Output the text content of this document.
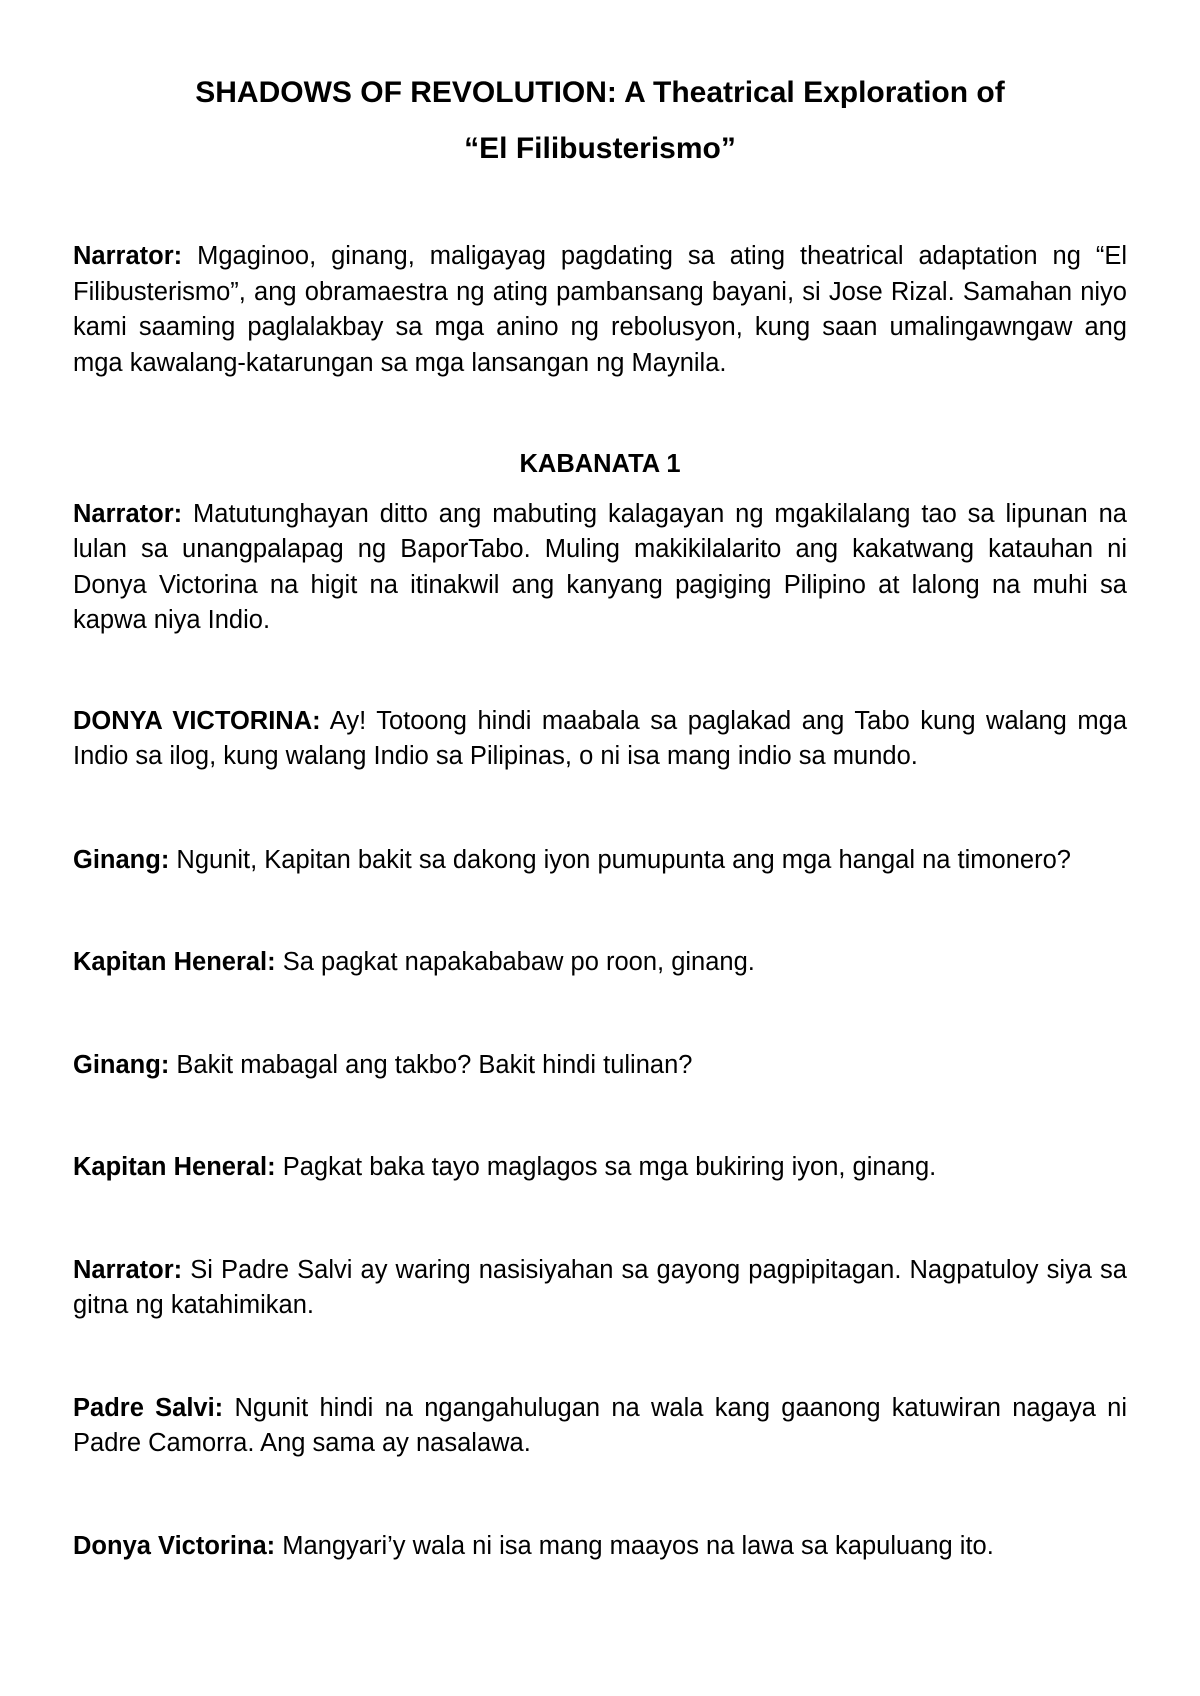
SHADOWS OF REVOLUTION: A Theatrical Exploration of
“El Filibusterismo”

Narrator: Mgaginoo, ginang, maligayag pagdating sa ating theatrical adaptation ng “El Filibusterismo”, ang obramaestra ng ating pambansang bayani, si Jose Rizal. Samahan niyo kami saaming paglalakbay sa mga anino ng rebolusyon, kung saan umalingawngaw ang mga kawalang-katarungan sa mga lansangan ng Maynila.

KABANATA 1

Narrator: Matutunghayan ditto ang mabuting kalagayan ng mgakilalang tao sa lipunan na lulan sa unangpalapag ng BaporTabo. Muling makikilalarito ang kakatwang katauhan ni Donya Victorina na higit na itinakwil ang kanyang pagiging Pilipino at lalong na muhi sa kapwa niya Indio.

DONYA VICTORINA: Ay! Totoong hindi maabala sa paglakad ang Tabo kung walang mga Indio sa ilog, kung walang Indio sa Pilipinas, o ni isa mang indio sa mundo.

Ginang: Ngunit, Kapitan bakit sa dakong iyon pumupunta ang mga hangal na timonero?

Kapitan Heneral: Sa pagkat napakababaw po roon, ginang.

Ginang: Bakit mabagal ang takbo? Bakit hindi tulinan?

Kapitan Heneral: Pagkat baka tayo maglagos sa mga bukiring iyon, ginang.

Narrator: Si Padre Salvi ay waring nasisiyahan sa gayong pagpipitagan. Nagpatuloy siya sa gitna ng katahimikan.

Padre Salvi: Ngunit hindi na ngangahulugan na wala kang gaanong katuwiran nagaya ni Padre Camorra. Ang sama ay nasalawa.

Donya Victorina: Mangyari’y wala ni isa mang maayos na lawa sa kapuluang ito.
